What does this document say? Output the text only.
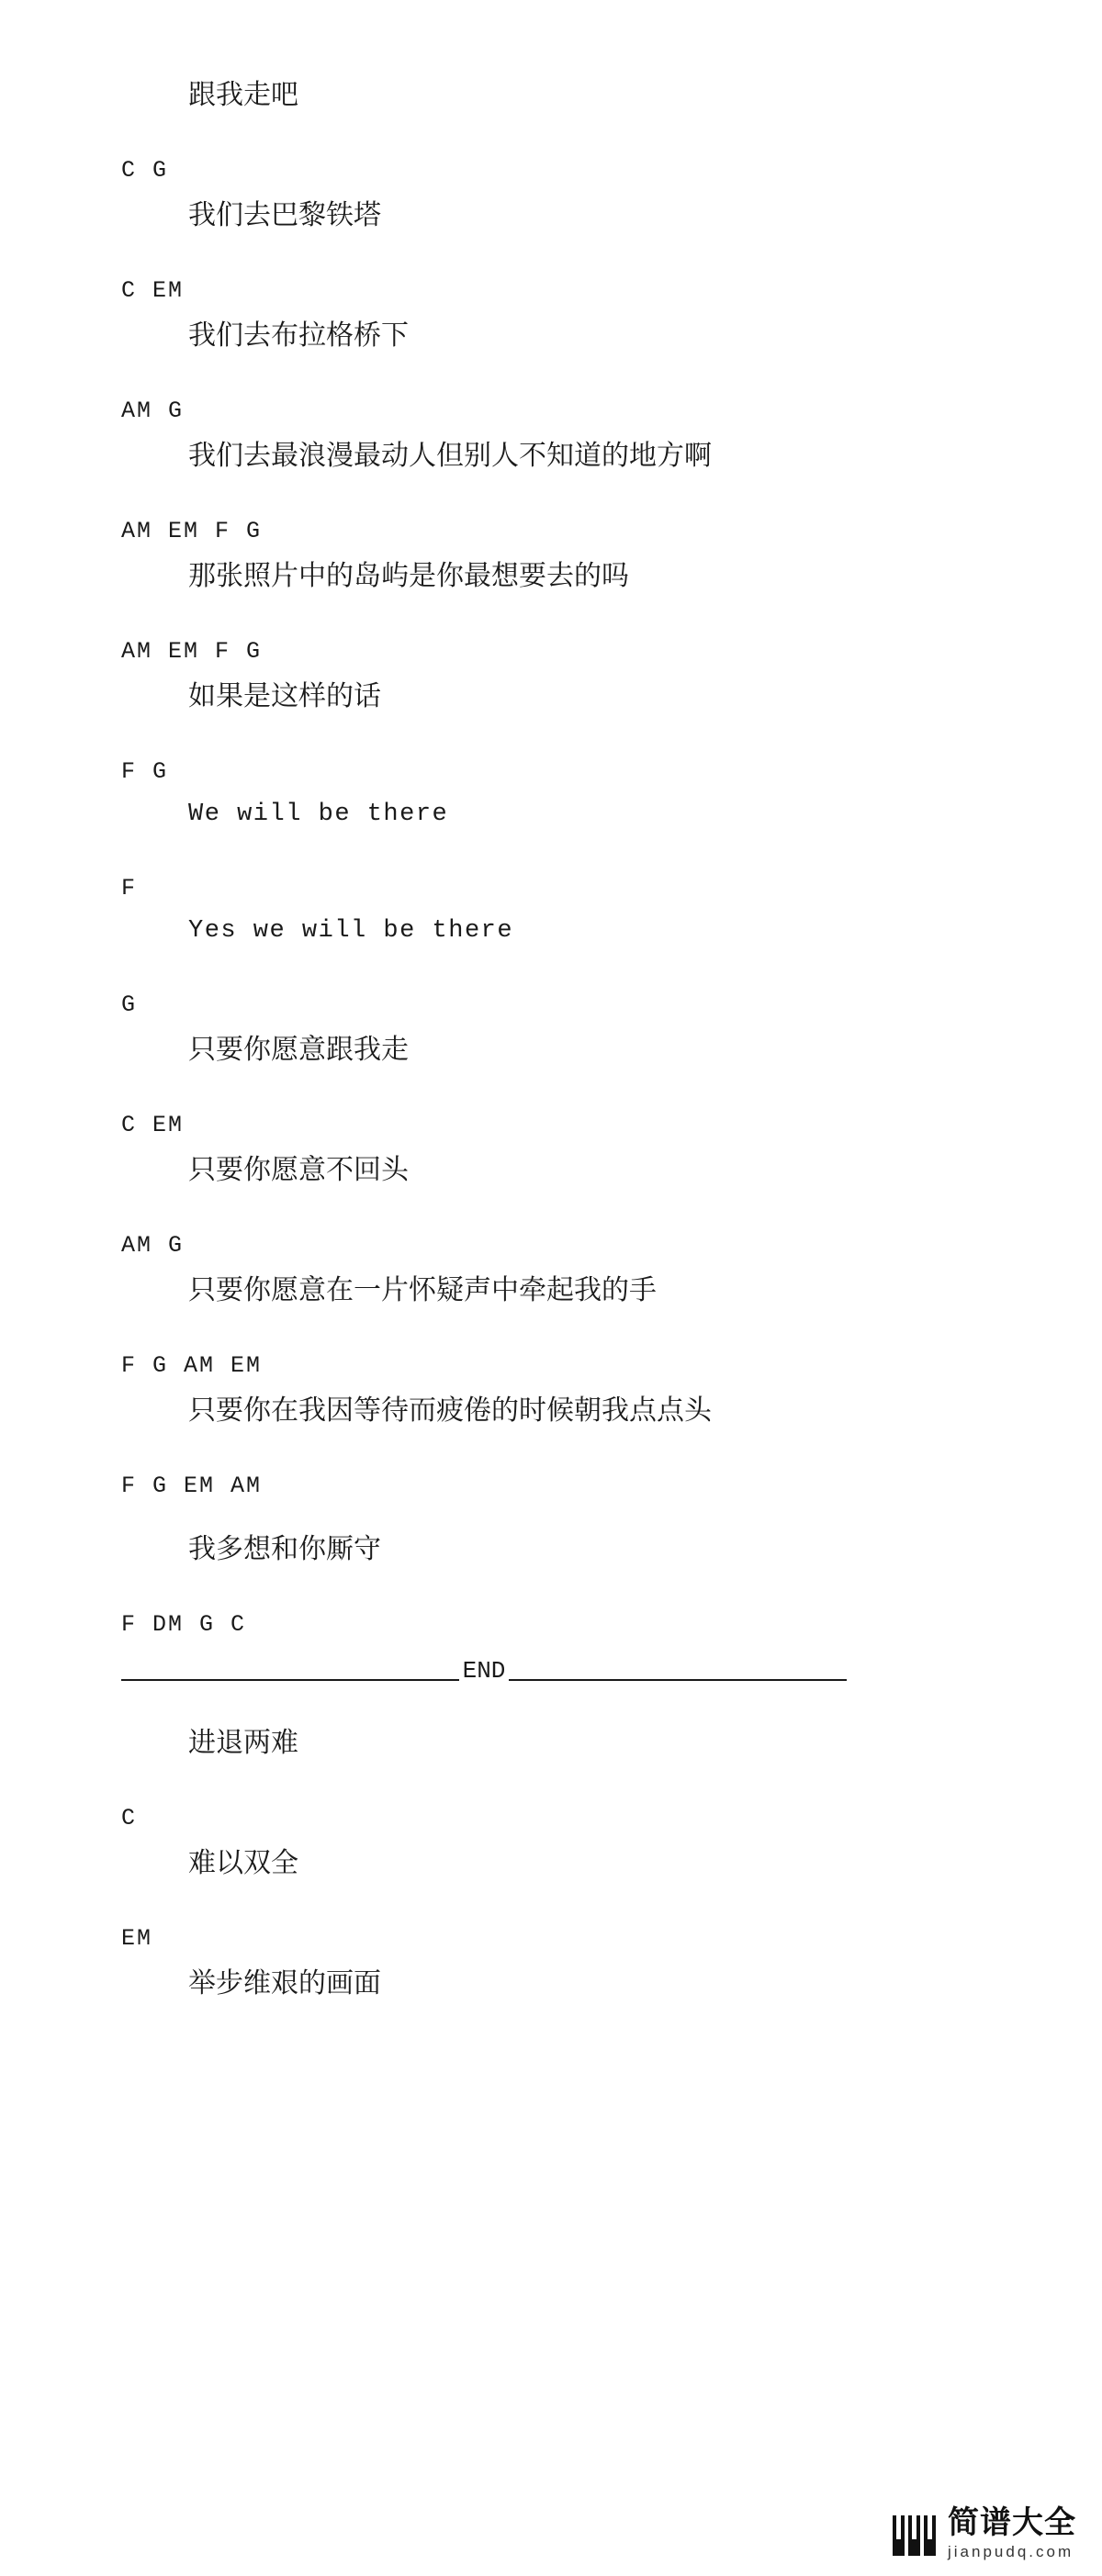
跟我走吧
C G
我们去巴黎铁塔
C EM
我们去布拉格桥下
AM G
我们去最浪漫最动人但别人不知道的地方啊
AM EM F G
那张照片中的岛屿是你最想要去的吗
AM EM F G
如果是这样的话
F G
We will be there
F
Yes we will be there
G
只要你愿意跟我走
C EM
只要你愿意不回头
AM G
只要你愿意在一片怀疑声中牵起我的手
F G AM EM
只要你在我因等待而疲倦的时候朝我点点头
F G EM AM
我多想和你厮守
F DM G C
END
进退两难
C
难以双全
EM
举步维艰的画面
简谱大全
jianpudq.com
